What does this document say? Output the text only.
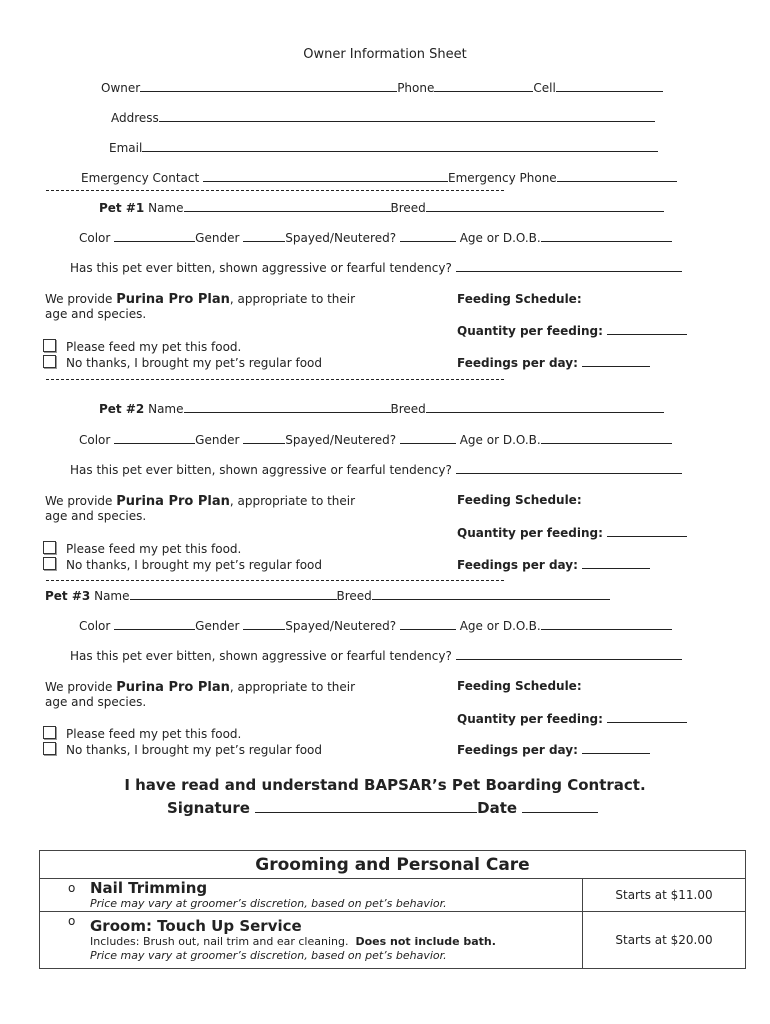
Owner Information Sheet
Owner	Phone	Cell
Address
Email
Emergency Contact	Emergency Phone
Pet #1 Name	Breed
Color	Gender	Spayed/Neutered?	Age or D.O.B.
Has this pet ever bitten, shown aggressive or fearful tendency?
We provide Purina Pro Plan, appropriate to their
age and species.
Please feed my pet this food.
No thanks, I brought my pet’s regular food
Feeding Schedule:
Quantity per feeding:
Feedings per day:
Pet #2 Name	Breed
Color	Gender	Spayed/Neutered?	Age or D.O.B.
Has this pet ever bitten, shown aggressive or fearful tendency?
We provide Purina Pro Plan, appropriate to their
age and species.
Please feed my pet this food.
No thanks, I brought my pet’s regular food
Feeding Schedule:
Quantity per feeding:
Feedings per day:
Pet #3 Name	Breed
Color	Gender	Spayed/Neutered?	Age or D.O.B.
Has this pet ever bitten, shown aggressive or fearful tendency?
We provide Purina Pro Plan, appropriate to their
age and species.
Please feed my pet this food.
No thanks, I brought my pet’s regular food
Feeding Schedule:
Quantity per feeding:
Feedings per day:
I have read and understand BAPSAR’s Pet Boarding Contract.
Signature	Date
Grooming and Personal Care	

o Nail Trimming
Price may vary at groomer’s discretion, based on pet’s behavior.	Starts at $11.00

o Groom: Touch Up Service
Includes: Brush out, nail trim and ear cleaning. Does not include bath.
Price may vary at groomer’s discretion, based on pet’s behavior.	Starts at $20.00
